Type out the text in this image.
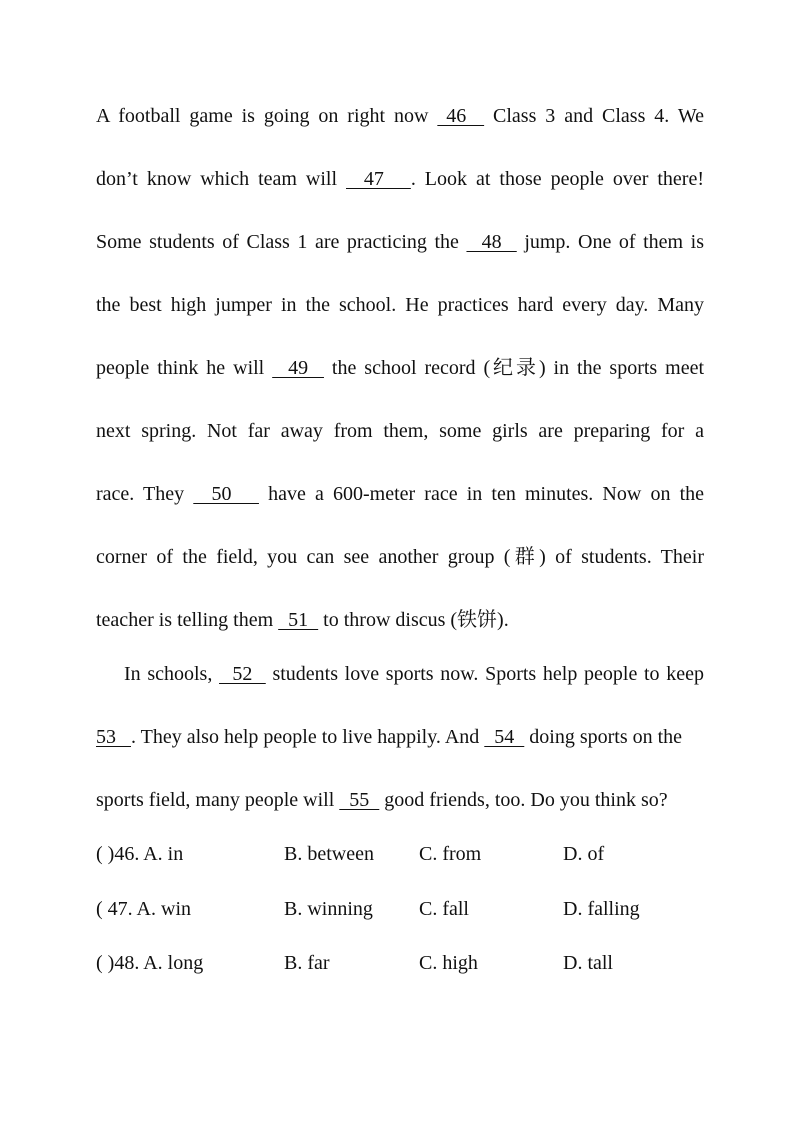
A football game is going on right now  46   Class 3 and Class 4. We
don’t know which team will   47   . Look at those people over there!
Some students of Class 1 are practicing the   48   jump. One of them is
the best high jumper in the school. He practices hard every day. Many
people think he will   49   the school record (纪录) in the sports meet
next spring. Not far away from them, some girls are preparing for a
race. They   50    have a 600-meter race in ten minutes. Now on the
corner of the field, you can see another group (群) of students. Their
teacher is telling them   51   to throw discus (铁饼).
In schools,   52   students love sports now. Sports help people to keep
53   . They also help people to live happily. And   54   doing sports on the
sports field, many people will   55   good friends, too. Do you think so?
( )46. A. in	B. between C. from	D. of
( 47. A. win	B. winning C. fall	D. falling
( )48. A. long	B. far	C. high	D. tall
